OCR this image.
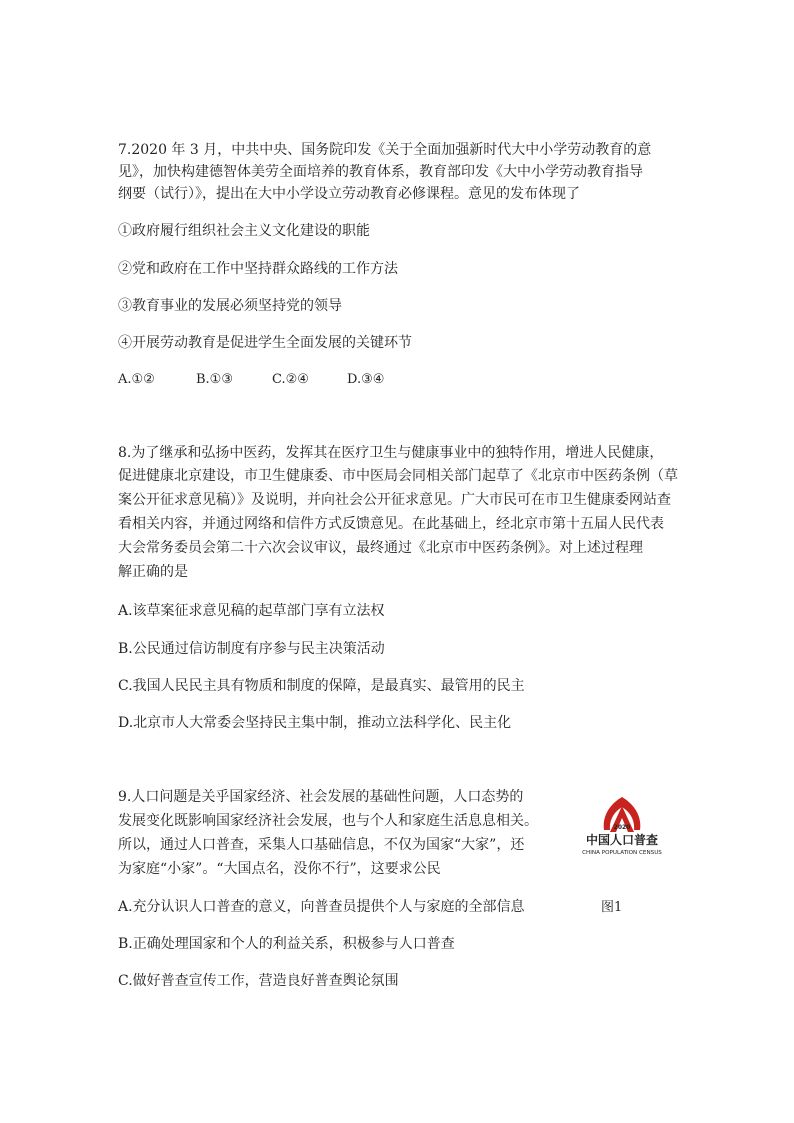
7.2020 年 3 月，中共中央、国务院印发《关于全面加强新时代大中小学劳动教育的意
见》，加快构建德智体美劳全面培养的教育体系，教育部印发《大中小学劳动教育指导
纲要（试行）》，提出在大中小学设立劳动教育必修课程。意见的发布体现了
①政府履行组织社会主义文化建设的职能
②党和政府在工作中坚持群众路线的工作方法
③教育事业的发展必须坚持党的领导
④开展劳动教育是促进学生全面发展的关键环节
A.①②	B.①③	C.②④	D.③④
8.为了继承和弘扬中医药，发挥其在医疗卫生与健康事业中的独特作用，增进人民健康，
促进健康北京建设，市卫生健康委、市中医局会同相关部门起草了《北京市中医药条例（草
案公开征求意见稿）》及说明，并向社会公开征求意见。广大市民可在市卫生健康委网站查
看相关内容，并通过网络和信件方式反馈意见。在此基础上，经北京市第十五届人民代表
大会常务委员会第二十六次会议审议，最终通过《北京市中医药条例》。对上述过程理
解正确的是
A.该草案征求意见稿的起草部门享有立法权
B.公民通过信访制度有序参与民主决策活动
C.我国人民民主具有物质和制度的保障，是最真实、最管用的民主
D.北京市人大常委会坚持民主集中制，推动立法科学化、民主化
9.人口问题是关乎国家经济、社会发展的基础性问题，人口态势的
发展变化既影响国家经济社会发展，也与个人和家庭生活息息相关。
所以，通过人口普查，采集人口基础信息，不仅为国家“大家”，还
为家庭“小家”。“大国点名，没你不行”，这要求公民
A.充分认识人口普查的意义，向普查员提供个人与家庭的全部信息
B.正确处理国家和个人的利益关系，积极参与人口普查
C.做好普查宣传工作，营造良好普查舆论氛围
2020
中国人口普查
CHINA POPULATION CENSUS
图1
